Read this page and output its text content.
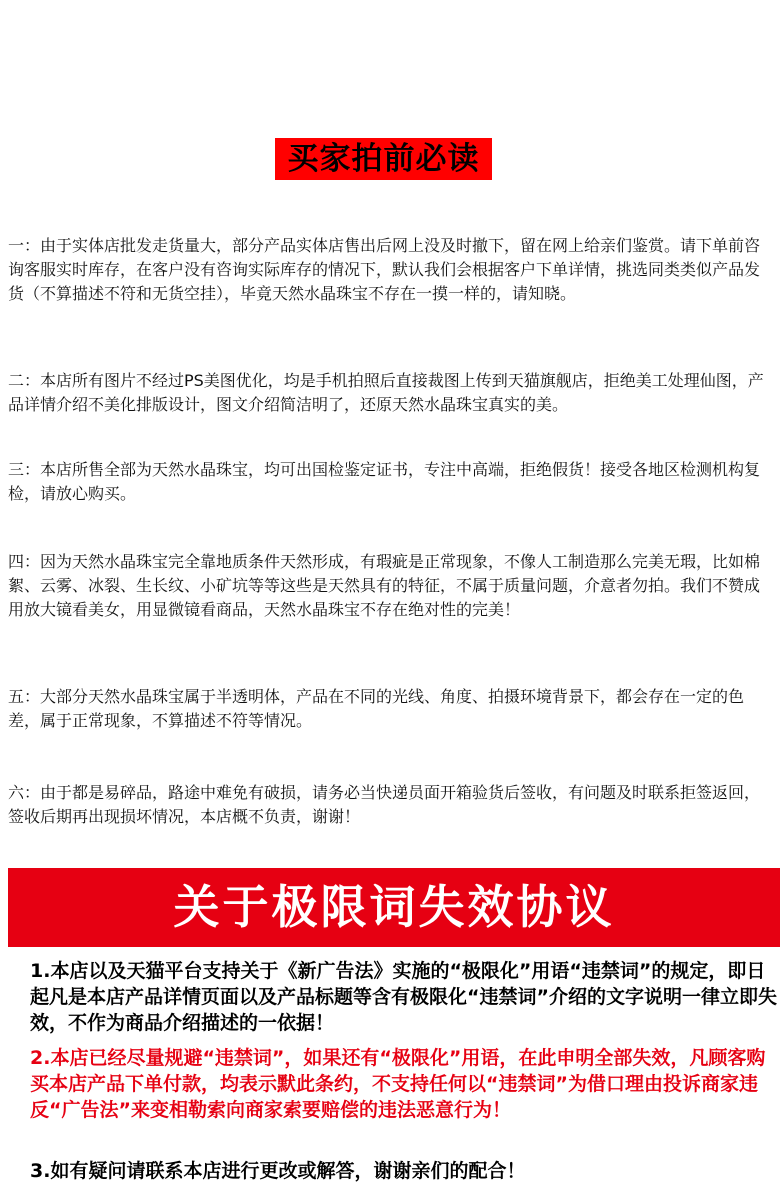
买家拍前必读

一：由于实体店批发走货量大，部分产品实体店售出后网上没及时撤下，留在网上给亲们鉴赏。请下单前咨询客服实时库存，在客户没有咨询实际库存的情况下，默认我们会根据客户下单详情，挑选同类类似产品发货（不算描述不符和无货空挂），毕竟天然水晶珠宝不存在一摸一样的，请知晓。

二：本店所有图片不经过PS美图优化，均是手机拍照后直接裁图上传到天猫旗舰店，拒绝美工处理仙图，产品详情介绍不美化排版设计，图文介绍简洁明了，还原天然水晶珠宝真实的美。

三：本店所售全部为天然水晶珠宝，均可出国检鉴定证书，专注中高端，拒绝假货！接受各地区检测机构复检，请放心购买。

四：因为天然水晶珠宝完全靠地质条件天然形成，有瑕疵是正常现象，不像人工制造那么完美无瑕，比如棉絮、云雾、冰裂、生长纹、小矿坑等等这些是天然具有的特征，不属于质量问题，介意者勿拍。我们不赞成用放大镜看美女，用显微镜看商品，天然水晶珠宝不存在绝对性的完美！

五：大部分天然水晶珠宝属于半透明体，产品在不同的光线、角度、拍摄环境背景下，都会存在一定的色差，属于正常现象，不算描述不符等情况。

六：由于都是易碎品，路途中难免有破损，请务必当快递员面开箱验货后签收，有问题及时联系拒签返回，签收后期再出现损坏情况，本店概不负责，谢谢！

关于极限词失效协议

1.本店以及天猫平台支持关于《新广告法》实施的“极限化”用语“违禁词”的规定，即日起凡是本店产品详情页面以及产品标题等含有极限化“违禁词”介绍的文字说明一律立即失效，不作为商品介绍描述的一依据！

2.本店已经尽量规避“违禁词”，如果还有“极限化”用语，在此申明全部失效，凡顾客购买本店产品下单付款，均表示默此条约，不支持任何以“违禁词”为借口理由投诉商家违反“广告法”来变相勒索向商家索要赔偿的违法恶意行为！

3.如有疑问请联系本店进行更改或解答，谢谢亲们的配合！
